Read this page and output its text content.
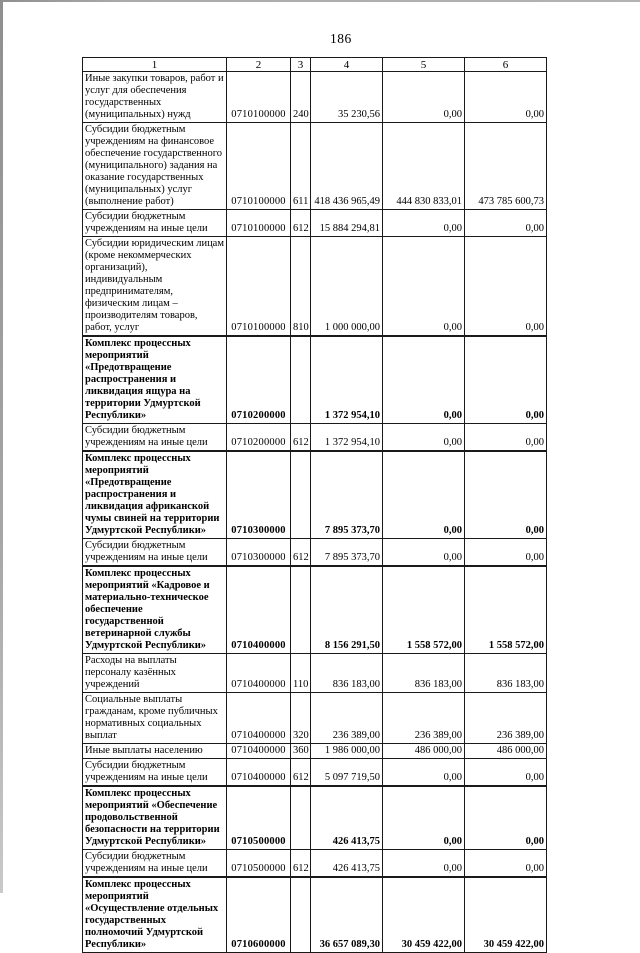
186
1	2	3	4	5	6
Иные закупки товаров, работ и услуг для обеспечения государственных (муниципальных) нужд	0710100000	240	35 230,56	0,00	0,00
Субсидии бюджетным учреждениям на финансовое обеспечение государственного (муниципального) задания на оказание государственных (муниципальных) услуг (выполнение работ)	0710100000	611	418 436 965,49	444 830 833,01	473 785 600,73
Субсидии бюджетным учреждениям на иные цели	0710100000	612	15 884 294,81	0,00	0,00
Субсидии юридическим лицам (кроме некоммерческих организаций), индивидуальным предпринимателям, физическим лицам – производителям товаров, работ, услуг	0710100000	810	1 000 000,00	0,00	0,00
Комплекс процессных мероприятий «Предотвращение распространения и ликвидация ящура на территории Удмуртской Республики»	0710200000		1 372 954,10	0,00	0,00
Субсидии бюджетным учреждениям на иные цели	0710200000	612	1 372 954,10	0,00	0,00
Комплекс процессных мероприятий «Предотвращение распространения и ликвидация африканской чумы свиней на территории Удмуртской Республики»	0710300000		7 895 373,70	0,00	0,00
Субсидии бюджетным учреждениям на иные цели	0710300000	612	7 895 373,70	0,00	0,00
Комплекс процессных мероприятий «Кадровое и материально-техническое обеспечение государственной ветеринарной службы Удмуртской Республики»	0710400000		8 156 291,50	1 558 572,00	1 558 572,00
Расходы на выплаты персоналу казённых учреждений	0710400000	110	836 183,00	836 183,00	836 183,00
Социальные выплаты гражданам, кроме публичных нормативных социальных выплат	0710400000	320	236 389,00	236 389,00	236 389,00
Иные выплаты населению	0710400000	360	1 986 000,00	486 000,00	486 000,00
Субсидии бюджетным учреждениям на иные цели	0710400000	612	5 097 719,50	0,00	0,00
Комплекс процессных мероприятий «Обеспечение продовольственной безопасности на территории Удмуртской Республики»	0710500000		426 413,75	0,00	0,00
Субсидии бюджетным учреждениям на иные цели	0710500000	612	426 413,75	0,00	0,00
Комплекс процессных мероприятий «Осуществление отдельных государственных полномочий Удмуртской Республики»	0710600000		36 657 089,30	30 459 422,00	30 459 422,00
